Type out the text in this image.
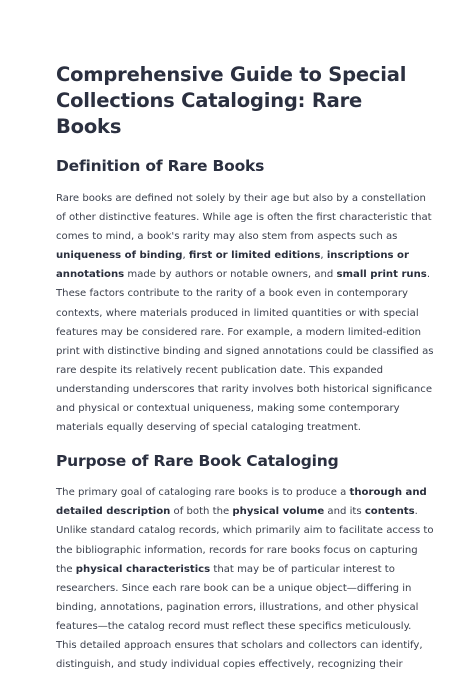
Comprehensive Guide to Special
Collections Cataloging: Rare Books
Definition of Rare Books

Rare books are defined not solely by their age but also by a constellation
of other distinctive features. While age is often the first characteristic that
comes to mind, a book's rarity may also stem from aspects such as
uniqueness of binding, first or limited editions, inscriptions or
annotations made by authors or notable owners, and small print runs.
These factors contribute to the rarity of a book even in contemporary
contexts, where materials produced in limited quantities or with special
features may be considered rare. For example, a modern limited-edition
print with distinctive binding and signed annotations could be classified as
rare despite its relatively recent publication date. This expanded
understanding underscores that rarity involves both historical significance
and physical or contextual uniqueness, making some contemporary
materials equally deserving of special cataloging treatment.

Purpose of Rare Book Cataloging

The primary goal of cataloging rare books is to produce a thorough and
detailed description of both the physical volume and its contents.
Unlike standard catalog records, which primarily aim to facilitate access to
the bibliographic information, records for rare books focus on capturing
the physical characteristics that may be of particular interest to
researchers. Since each rare book can be a unique object—differing in
binding, annotations, pagination errors, illustrations, and other physical
features—the catalog record must reflect these specifics meticulously.
This detailed approach ensures that scholars and collectors can identify,
distinguish, and study individual copies effectively, recognizing their
